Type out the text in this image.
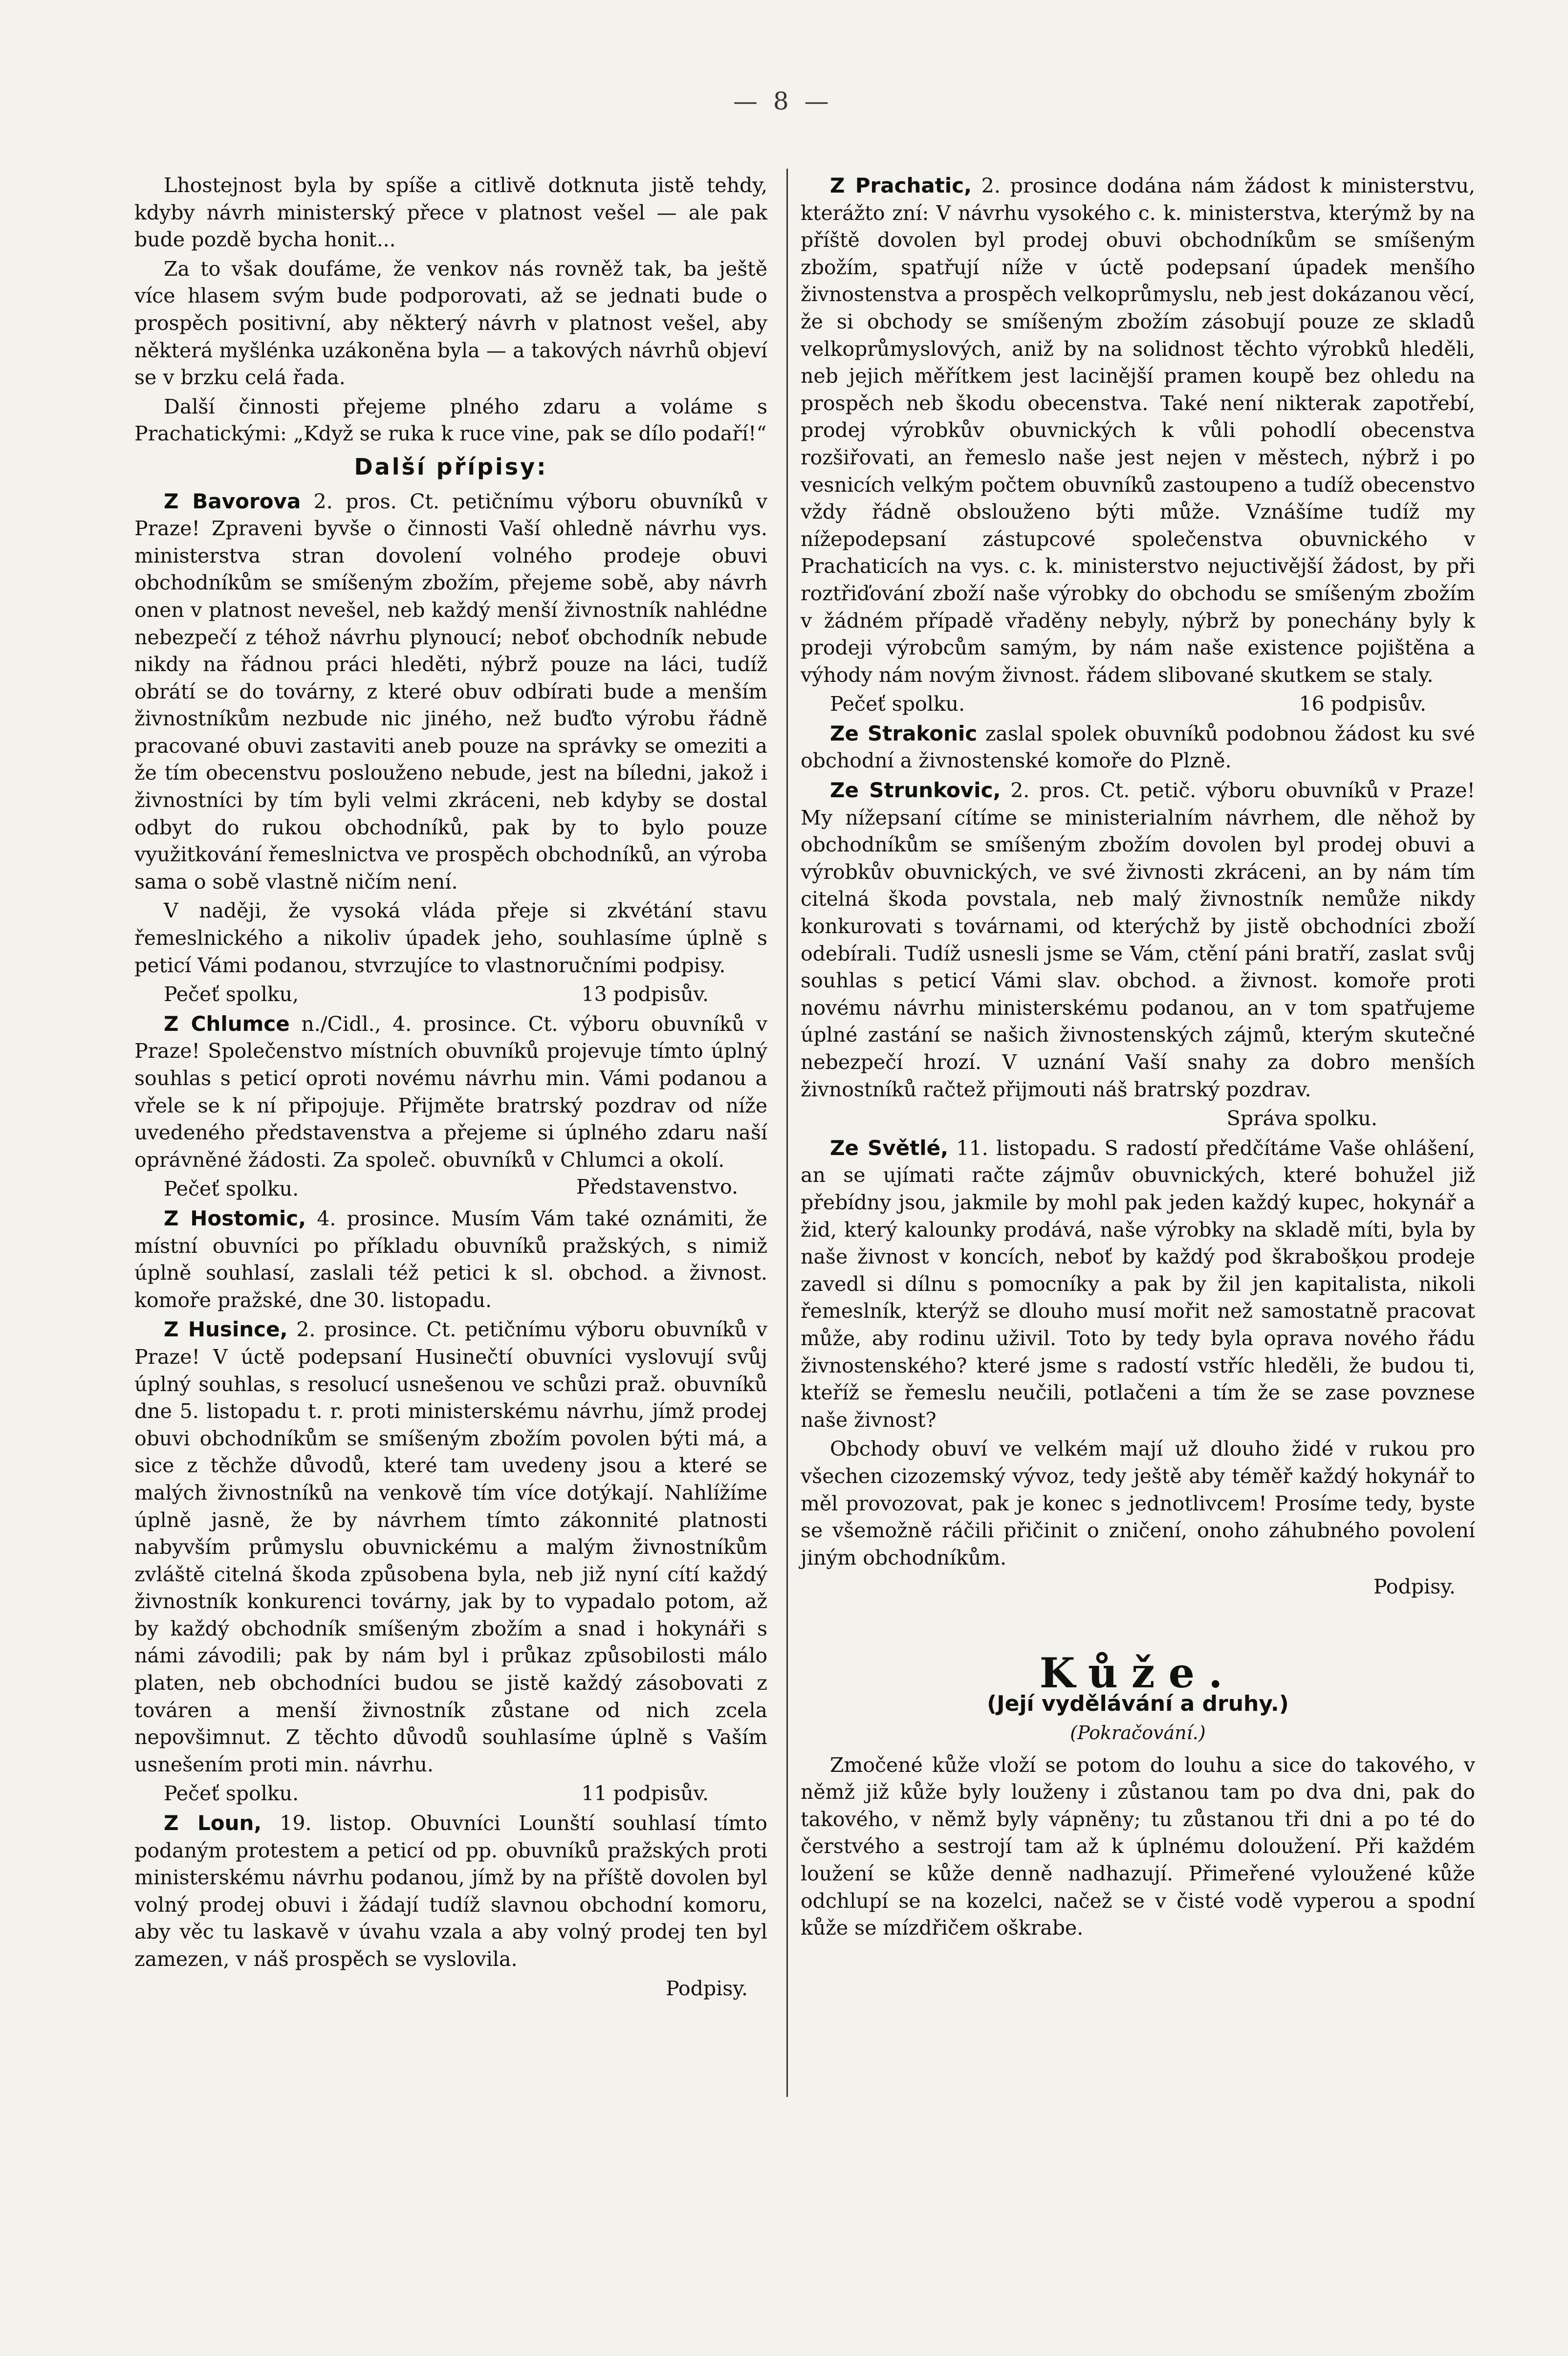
— 8 —

Lhostejnost byla by spíše a citlivě dotknuta jistě tehdy, kdyby návrh ministerský přece v platnost vešel — ale pak bude pozdě bycha honit...

Za to však doufáme, že venkov nás rovněž tak, ba ještě více hlasem svým bude podporovati, až se jednati bude o prospěch positivní, aby některý návrh v platnost vešel, aby některá myšlénka uzákoněna byla — a takových návrhů objeví se v brzku celá řada.

Další činnosti přejeme plného zdaru a voláme s Prachatickými: „Když se ruka k ruce vine, pak se dílo podaří!“

Další přípisy:

Z Bavorova 2. pros. Ct. petičnímu výboru obuvníků v Praze! Zpraveni byvše o činnosti Vaší ohledně návrhu vys. ministerstva stran dovolení volného prodeje obuvi obchodníkům se smíšeným zbožím, přejeme sobě, aby návrh onen v platnost nevešel, neb každý menší živnostník nahlédne nebezpečí z téhož návrhu plynoucí; neboť obchodník nebude nikdy na řádnou práci hleděti, nýbrž pouze na láci, tudíž obrátí se do továrny, z které obuv odbírati bude a menším živnostníkům nezbude nic jiného, než buďto výrobu řádně pracované obuvi zastaviti aneb pouze na správky se omeziti a že tím obecenstvu poslouženo nebude, jest na bíledni, jakož i živnostníci by tím byli velmi zkráceni, neb kdyby se dostal odbyt do rukou obchodníků, pak by to bylo pouze využitkování řemeslnictva ve prospěch obchodníků, an výroba sama o sobě vlastně ničím není.

V naději, že vysoká vláda přeje si zkvétání stavu řemeslnického a nikoliv úpadek jeho, souhlasíme úplně s peticí Vámi podanou, stvrzujíce to vlastnoručními podpisy.

Pečeť spolku,	13 podpisův.

Z Chlumce n./Cidl., 4. prosince. Ct. výboru obuvníků v Praze! Společenstvo místních obuvníků projevuje tímto úplný souhlas s peticí oproti novému návrhu min. Vámi podanou a vřele se k ní připojuje. Přijměte bratrský pozdrav od níže uvedeného představenstva a přejeme si úplného zdaru naší oprávněné žádosti. Za společ. obuvníků v Chlumci a okolí.
Představenstvo.

Pečeť spolku.

Z Hostomic, 4. prosince. Musím Vám také oznámiti, že místní obuvníci po příkladu obuvníků pražských, s nimiž úplně souhlasí, zaslali též petici k sl. obchod. a živnost. komoře pražské, dne 30. listopadu.

Z Husince, 2. prosince. Ct. petičnímu výboru obuvníků v Praze! V úctě podepsaní Husinečtí obuvníci vyslovují svůj úplný souhlas, s resolucí usnešenou ve schůzi praž. obuvníků dne 5. listopadu t. r. proti ministerskému návrhu, jímž prodej obuvi obchodníkům se smíšeným zbožím povolen býti má, a sice z těchže důvodů, které tam uvedeny jsou a které se malých živnostníků na venkově tím více dotýkají. Nahlížíme úplně jasně, že by návrhem tímto zákonnité platnosti nabyvším průmyslu obuvnickému a malým živnostníkům zvláště citelná škoda způsobena byla, neb již nyní cítí každý živnostník konkurenci továrny, jak by to vypadalo potom, až by každý obchodník smíšeným zbožím a snad i hokynáři s námi závodili; pak by nám byl i průkaz způsobilosti málo platen, neb obchodníci budou se jistě každý zásobovati z továren a menší živnostník zůstane od nich zcela nepovšimnut. Z těchto důvodů souhlasíme úplně s Vaším usnešením proti min. návrhu.

Pečeť spolku.	11 podpisův.

Z Loun, 19. listop. Obuvníci Lounští souhlasí tímto podaným protestem a peticí od pp. obuvníků pražských proti ministerskému návrhu podanou, jímž by na příště dovolen byl volný prodej obuvi i žádají tudíž slavnou obchodní komoru, aby věc tu laskavě v úvahu vzala a aby volný prodej ten byl zamezen, v náš prospěch se vyslovila.

Podpisy.

Z Prachatic, 2. prosince dodána nám žádost k ministerstvu, kterážto zní: V návrhu vysokého c. k. ministerstva, kterýmž by na příště dovolen byl prodej obuvi obchodníkům se smíšeným zbožím, spatřují níže v úctě podepsaní úpadek menšího živnostenstva a prospěch velkoprůmyslu, neb jest dokázanou věcí, že si obchody se smíšeným zbožím zásobují pouze ze skladů velkoprůmyslových, aniž by na solidnost těchto výrobků hleděli, neb jejich měřítkem jest lacinější pramen koupě bez ohledu na prospěch neb škodu obecenstva. Také není nikterak zapotřebí, prodej výrobkův obuvnických k vůli pohodlí obecenstva rozšiřovati, an řemeslo naše jest nejen v městech, nýbrž i po vesnicích velkým počtem obuvníků zastoupeno a tudíž obecenstvo vždy řádně obslouženo býti může. Vznášíme tudíž my nížepodepsaní zástupcové společenstva obuvnického v Prachaticích na vys. c. k. ministerstvo nejuctivější žádost, by při roztřiďování zboží naše výrobky do obchodu se smíšeným zbožím v žádném případě vřaděny nebyly, nýbrž by ponechány byly k prodeji výrobcům samým, by nám naše existence pojištěna a výhody nám novým živnost. řádem slibované skutkem se staly.

Pečeť spolku.	16 podpisův.

Ze Strakonic zaslal spolek obuvníků podobnou žádost ku své obchodní a živnostenské komoře do Plzně.

Ze Strunkovic, 2. pros. Ct. petič. výboru obuvníků v Praze! My nížepsaní cítíme se ministerialním návrhem, dle něhož by obchodníkům se smíšeným zbožím dovolen byl prodej obuvi a výrobkův obuvnických, ve své živnosti zkráceni, an by nám tím citelná škoda povstala, neb malý živnostník nemůže nikdy konkurovati s továrnami, od kterýchž by jistě obchodníci zboží odebírali. Tudíž usnesli jsme se Vám, ctění páni bratří, zaslat svůj souhlas s peticí Vámi slav. obchod. a živnost. komoře proti novému návrhu ministerskému podanou, an v tom spatřujeme úplné zastání se našich živnostenských zájmů, kterým skutečné nebezpečí hrozí. V uznání Vaší snahy za dobro menších živnostníků račtež přijmouti náš bratrský pozdrav.

Správa spolku.

Ze Světlé, 11. listopadu. S radostí předčítáme Vaše ohlášení, an se ujímati račte zájmův obuvnických, které bohužel již přebídny jsou, jakmile by mohl pak jeden každý kupec, hokynář a žid, který kalounky prodává, naše výrobky na skladě míti, byla by naše živnost v koncích, neboť by každý pod škrabošķou prodeje zavedl si dílnu s pomocníky a pak by žil jen kapitalista, nikoli řemeslník, kterýž se dlouho musí mořit než samostatně pracovat může, aby rodinu uživil. Toto by tedy byla oprava nového řádu živnostenského? které jsme s radostí vstříc hleděli, že budou ti, kteříž se řemeslu neučili, potlačeni a tím že se zase povznese naše živnost?

Obchody obuví ve velkém mají už dlouho židé v rukou pro všechen cizozemský vývoz, tedy ještě aby téměř každý hokynář to měl provozovat, pak je konec s jednotlivcem! Prosíme tedy, byste se všemožně ráčili přičinit o zničení, onoho záhubného povolení jiným obchodníkům.

Podpisy.
Kůže.
(Její vydělávání a druhy.)
(Pokračování.)

Zmočené kůže vloží se potom do louhu a sice do takového, v němž již kůže byly louženy i zůstanou tam po dva dni, pak do takového, v němž byly vápněny; tu zůstanou tři dni a po té do čerstvého a sestrojí tam až k úplnému doloužení. Při každém loužení se kůže denně nadhazují. Přimeřené vyloužené kůže odchlupí se na kozelci, načež se v čisté vodě vyperou a spodní kůže se mízdřičem oškrabe.
